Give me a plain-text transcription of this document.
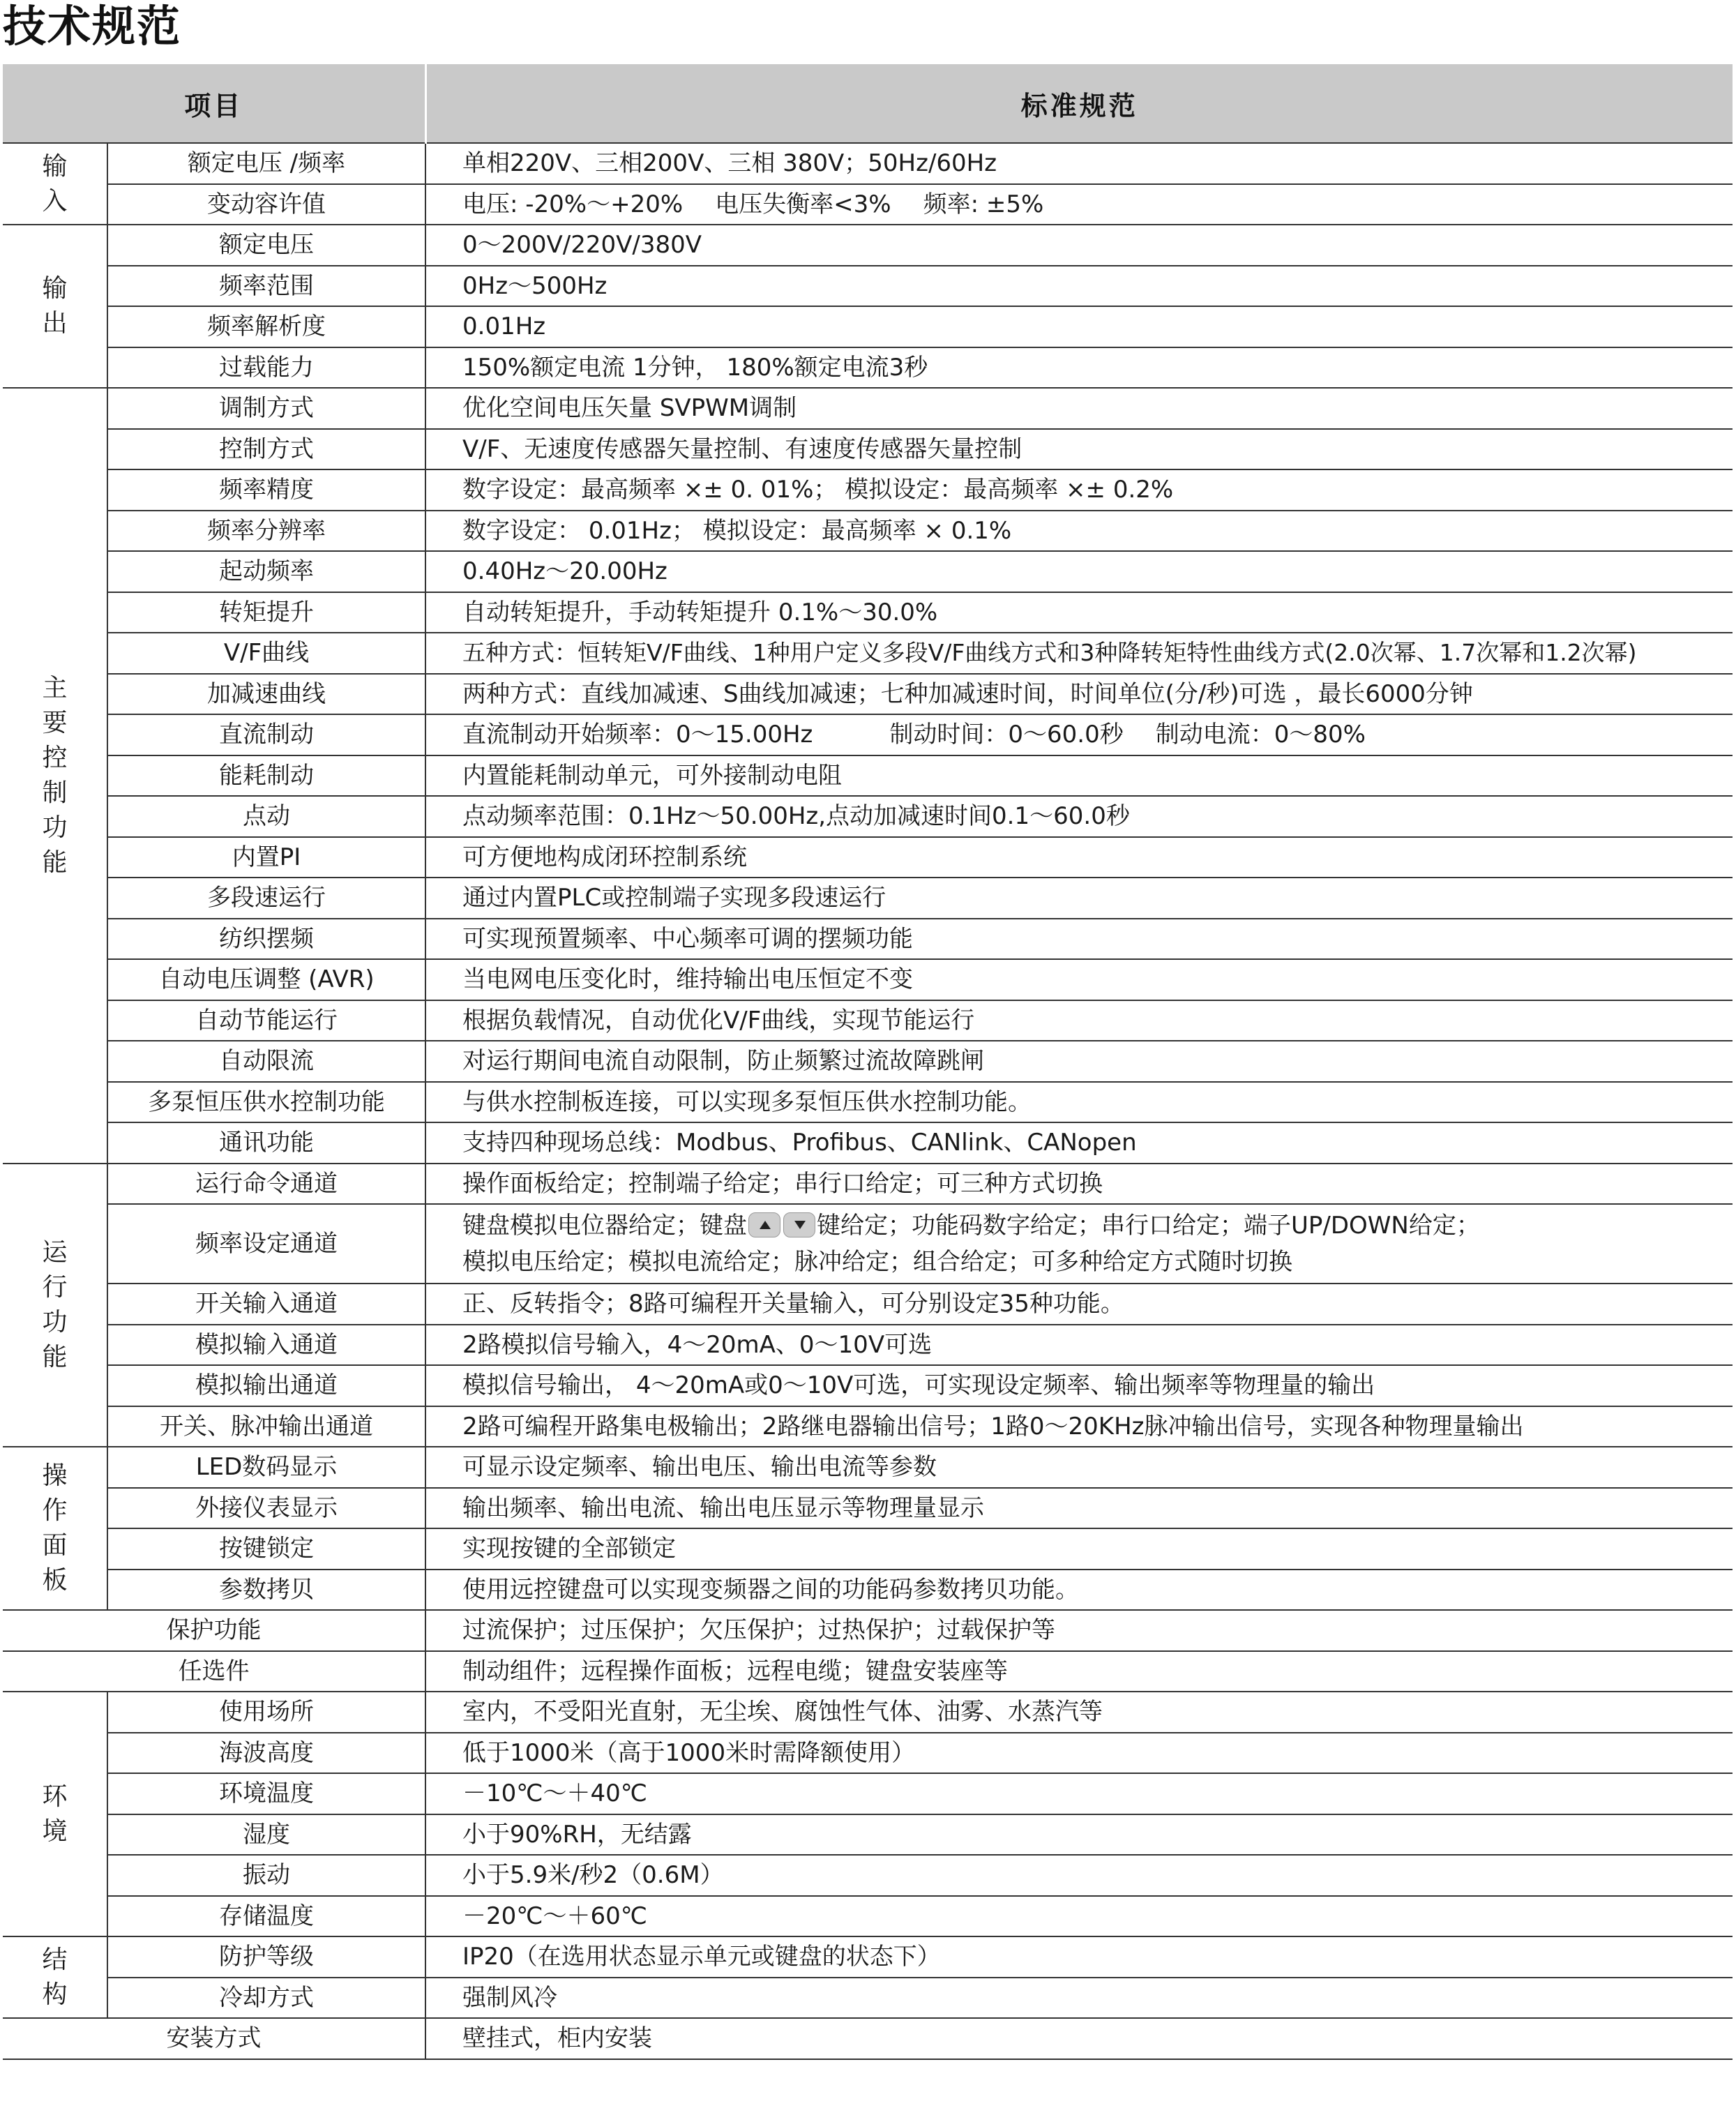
技术规范
项目		标准规范
输入	额定电压 /频率	单相220V、三相200V、三相 380V；50Hz/60Hz
	变动容许值	电压: -20%～+20% 电压失衡率<3% 频率: ±5%
输出	额定电压	0～200V/220V/380V
	频率范围	0Hz～500Hz
	频率解析度	0.01Hz
	过载能力	150%额定电流 1分钟， 180%额定电流3秒
主要控制功能	调制方式	优化空间电压矢量 SVPWM调制
	控制方式	V/F、无速度传感器矢量控制、有速度传感器矢量控制
	频率精度	数字设定：最高频率 ×± 0. 01%； 模拟设定：最高频率 ×± 0.2%
	频率分辨率	数字设定： 0.01Hz； 模拟设定：最高频率 × 0.1%
	起动频率	0.40Hz～20.00Hz
	转矩提升	自动转矩提升，手动转矩提升 0.1%～30.0%
	V/F曲线	五种方式：恒转矩V/F曲线、1种用户定义多段V/F曲线方式和3种降转矩特性曲线方式(2.0次幂、1.7次幂和1.2次幂)
	加减速曲线	两种方式：直线加减速、S曲线加减速；七种加减速时间，时间单位(分/秒)可选 ，最长6000分钟
	直流制动	直流制动开始频率：0～15.00Hz 制动时间：0～60.0秒 制动电流：0～80%
	能耗制动	内置能耗制动单元，可外接制动电阻
	点动	点动频率范围：0.1Hz～50.00Hz,点动加减速时间0.1～60.0秒
	内置PI	可方便地构成闭环控制系统
	多段速运行	通过内置PLC或控制端子实现多段速运行
	纺织摆频	可实现预置频率、中心频率可调的摆频功能
	自动电压调整 (AVR)	当电网电压变化时，维持输出电压恒定不变
	自动节能运行	根据负载情况，自动优化V/F曲线，实现节能运行
	自动限流	对运行期间电流自动限制，防止频繁过流故障跳闸
	多泵恒压供水控制功能	与供水控制板连接，可以实现多泵恒压供水控制功能。
	通讯功能	支持四种现场总线：Modbus、Profibus、CANlink、CANopen
运行功能	运行命令通道	操作面板给定；控制端子给定；串行口给定；可三种方式切换
	频率设定通道	键盘模拟电位器给定；键盘 键给定；功能码数字给定；串行口给定；端子UP/DOWN给定；
模拟电压给定；模拟电流给定；脉冲给定；组合给定；可多种给定方式随时切换

	开关输入通道	正、反转指令；8路可编程开关量输入，可分别设定35种功能。
	模拟输入通道	2路模拟信号输入，4～20mA、0～10V可选
	模拟输出通道	模拟信号输出， 4～20mA或0～10V可选，可实现设定频率、输出频率等物理量的输出
	开关、脉冲输出通道	2路可编程开路集电极输出；2路继电器输出信号；1路0～20KHz脉冲输出信号，实现各种物理量输出
操作面板	LED数码显示	可显示设定频率、输出电压、输出电流等参数
	外接仪表显示	输出频率、输出电流、输出电压显示等物理量显示
	按键锁定	实现按键的全部锁定
	参数拷贝	使用远控键盘可以实现变频器之间的功能码参数拷贝功能。
保护功能		过流保护；过压保护；欠压保护；过热保护；过载保护等
任选件		制动组件；远程操作面板；远程电缆；键盘安装座等
环境	使用场所	室内，不受阳光直射，无尘埃、腐蚀性气体、油雾、水蒸汽等
	海波高度	低于1000米（高于1000米时需降额使用）
	环境温度	－10℃～＋40℃
	湿度	小于90%RH，无结露
	振动	小于5.9米/秒2（0.6M）
	存储温度	－20℃～＋60℃
结构	防护等级	IP20（在选用状态显示单元或键盘的状态下）
	冷却方式	强制风冷
安装方式		壁挂式，柜内安装
